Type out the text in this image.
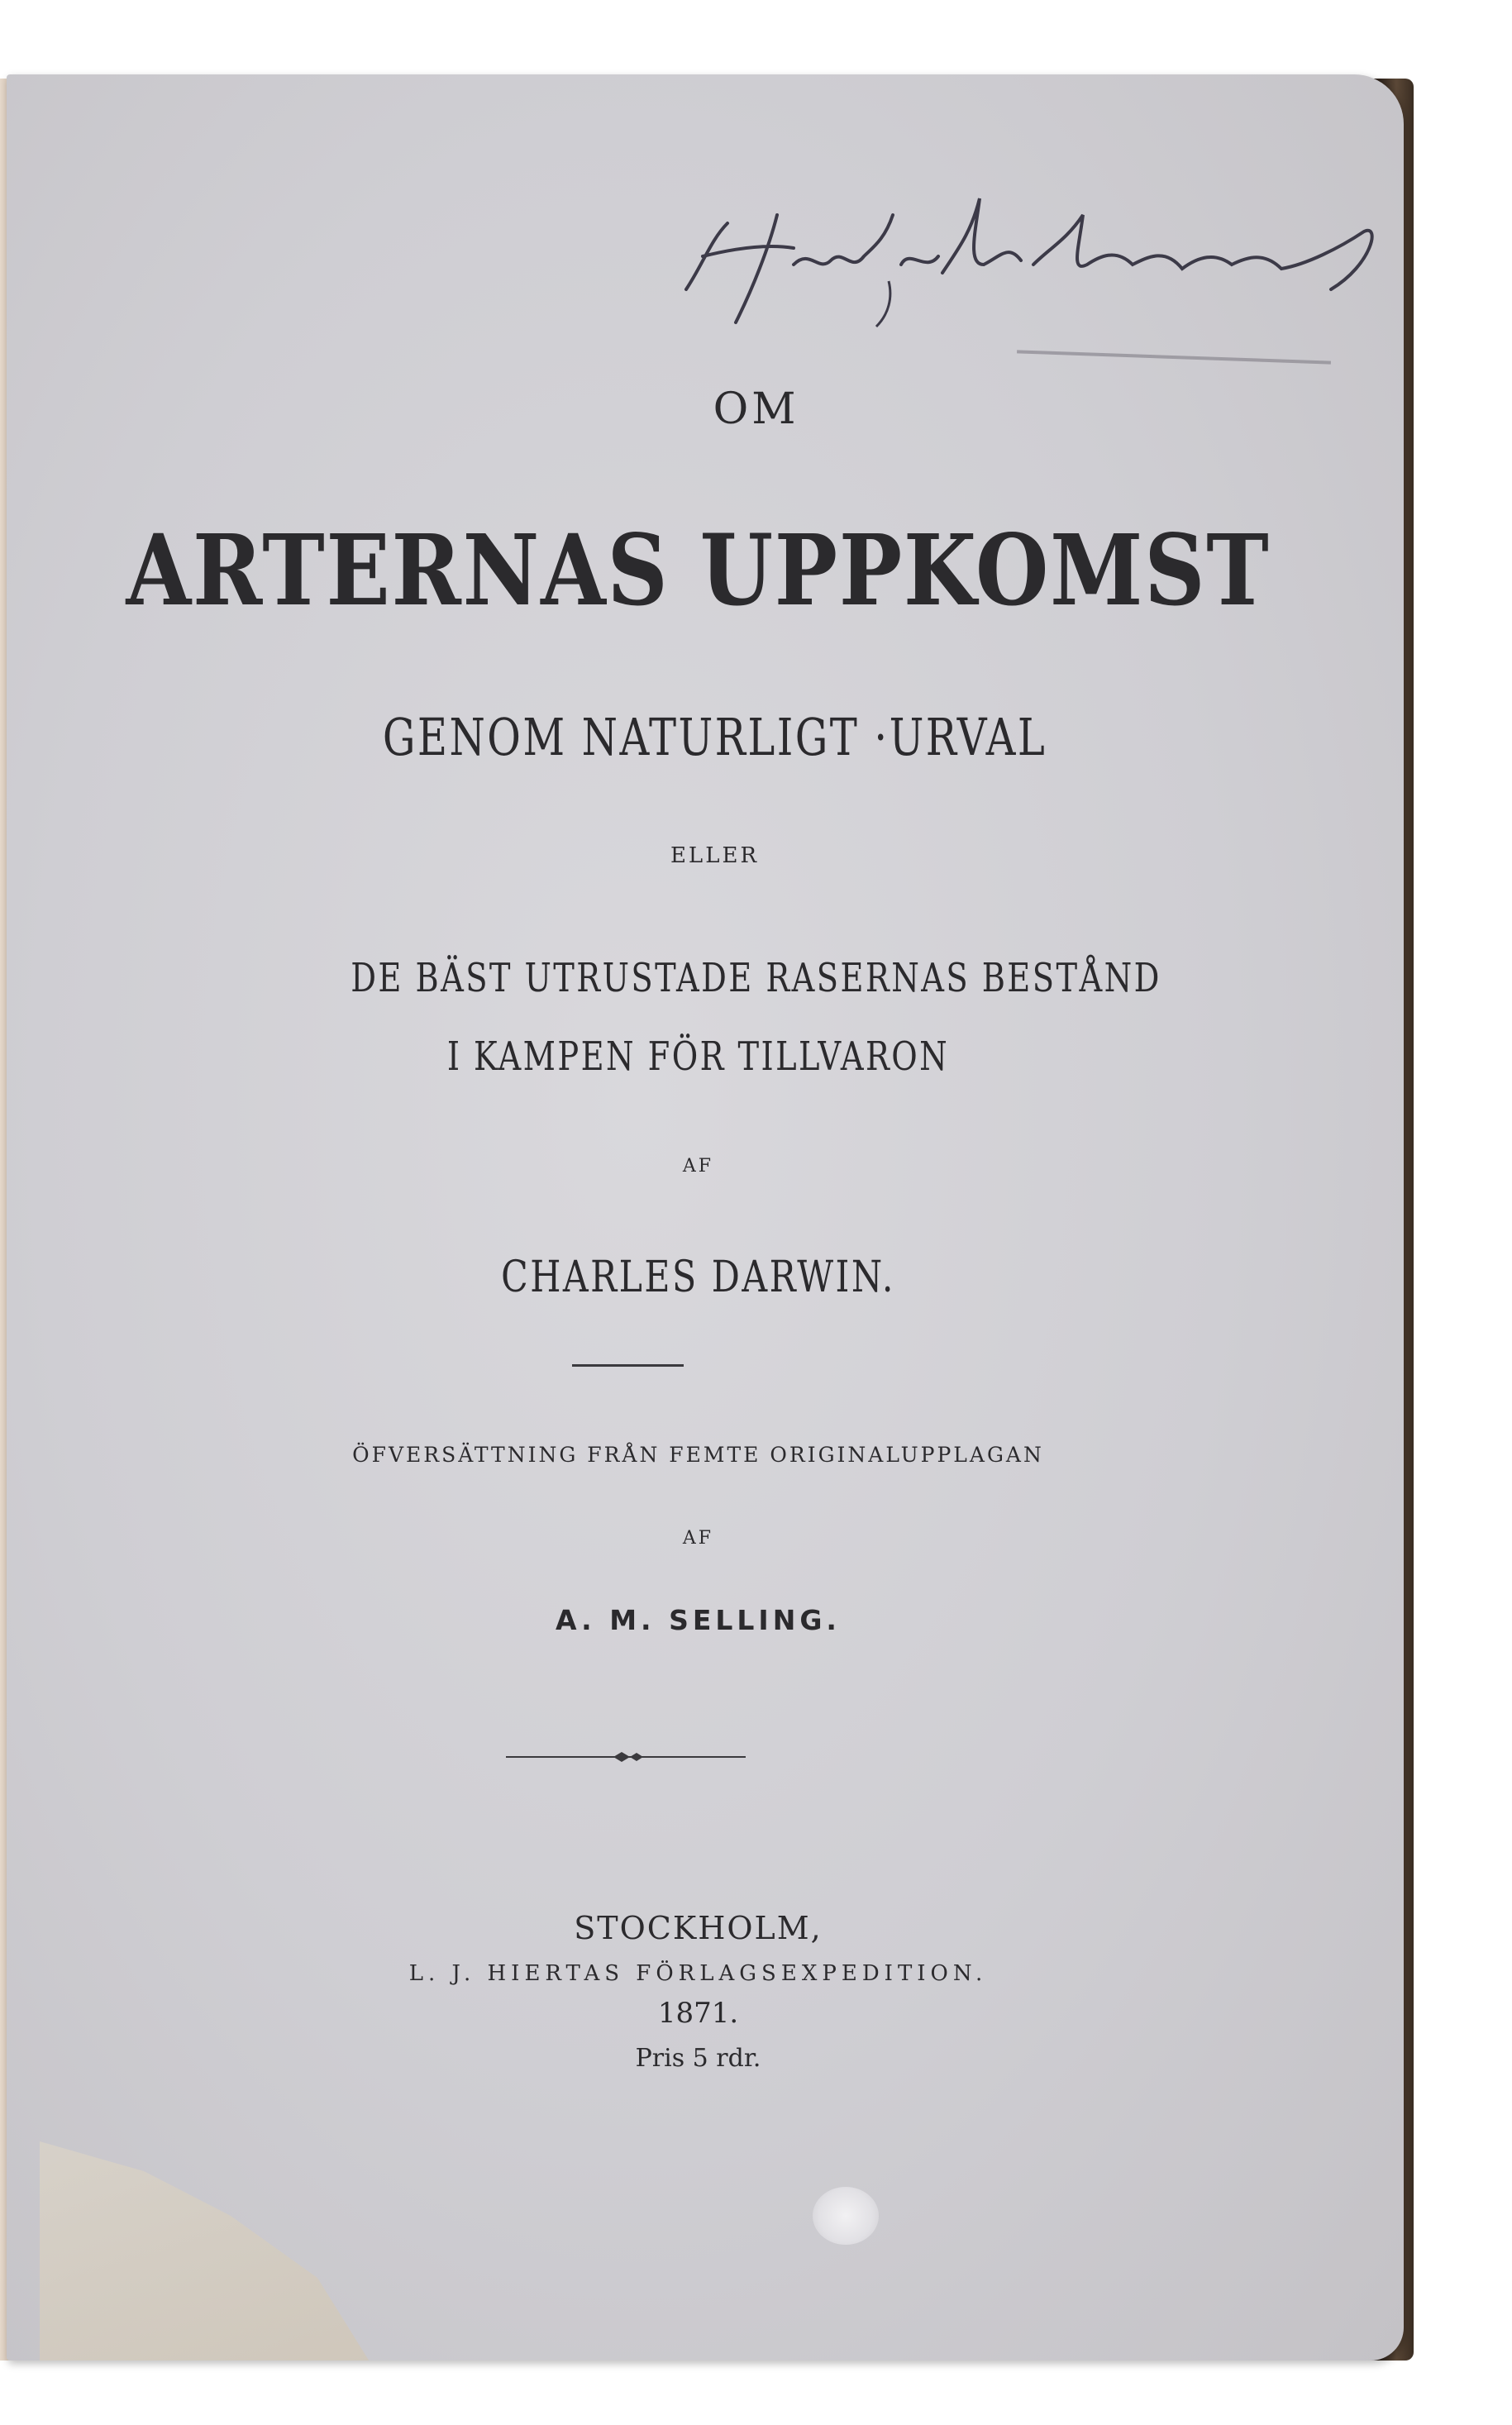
OM
ARTERNAS UPPKOMST
GENOM NATURLIGT ·URVAL
ELLER
DE BÄST UTRUSTADE RASERNAS BESTÅND
I KAMPEN FÖR TILLVARON
AF
CHARLES DARWIN.
ÖFVERSÄTTNING FRÅN FEMTE ORIGINALUPPLAGAN
AF
A. M. SELLING.
STOCKHOLM,
L. J. HIERTAS FÖRLAGSEXPEDITION.
1871.
Pris 5 rdr.
